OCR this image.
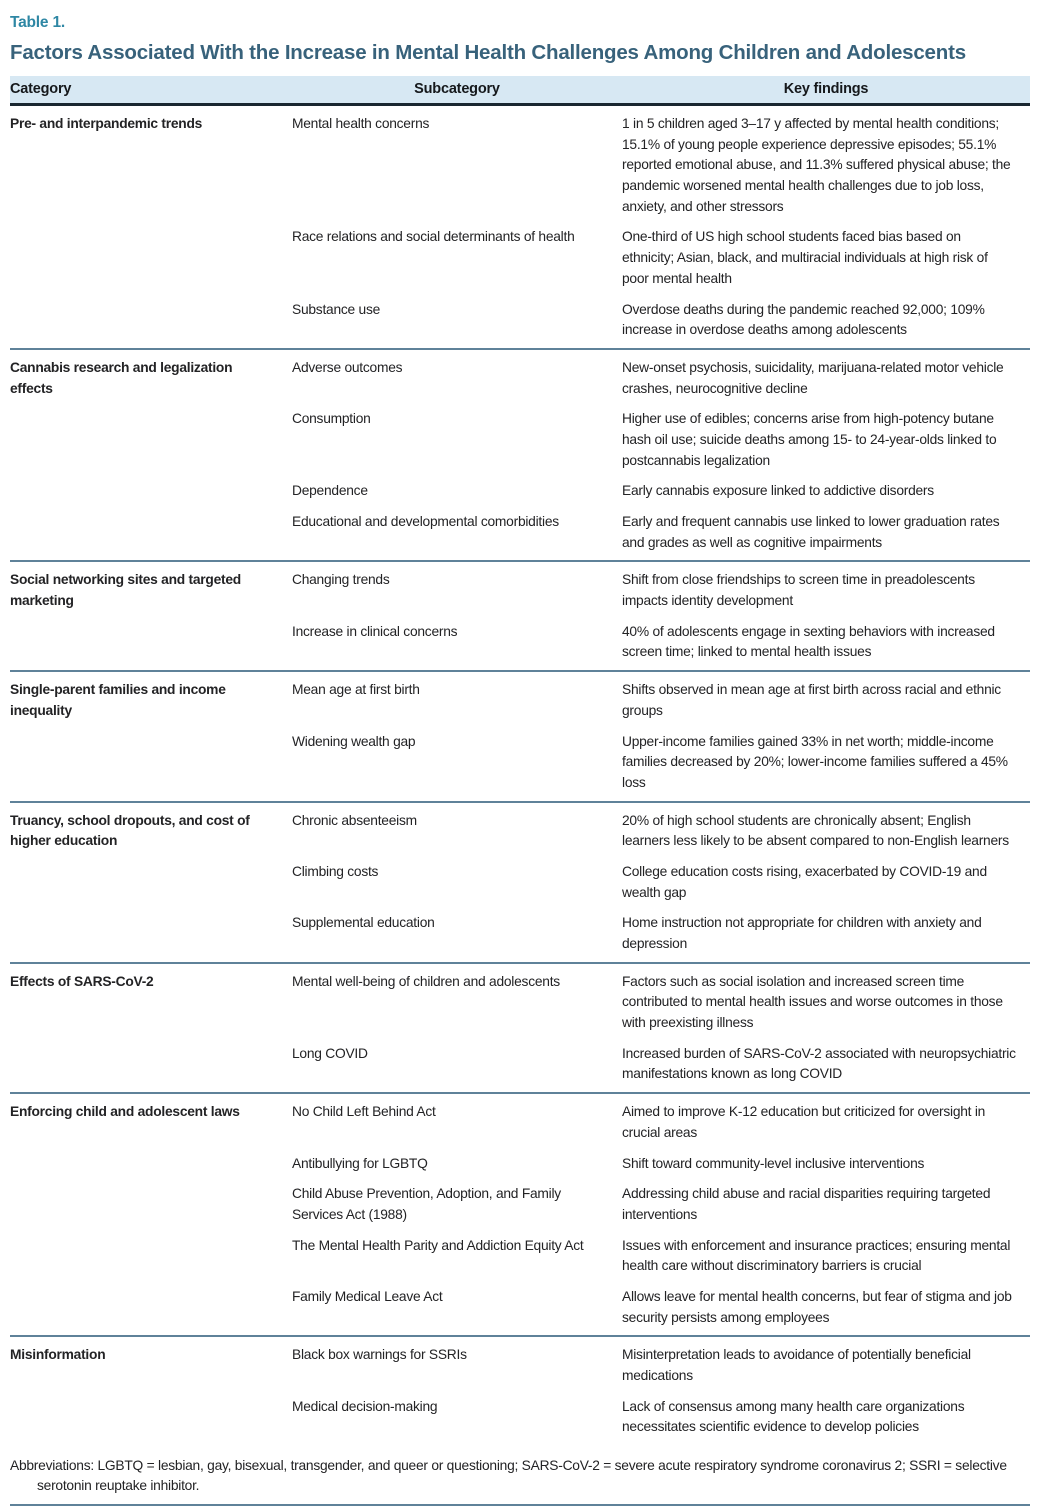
Table 1.
Factors Associated With the Increase in Mental Health Challenges Among Children and Adolescents
Category	Subcategory	Key findings
Pre- and interpandemic trends	Mental health concerns	1 in 5 children aged 3–17 y affected by mental health conditions; 15.1% of young people experience depressive episodes; 55.1% reported emotional abuse, and 11.3% suffered physical abuse; the pandemic worsened mental health challenges due to job loss, anxiety, and other stressors
	Race relations and social determinants of health	One-third of US high school students faced bias based on ethnicity; Asian, black, and multiracial individuals at high risk of poor mental health
	Substance use	Overdose deaths during the pandemic reached 92,000; 109% increase in overdose deaths among adolescents
Cannabis research and legalization effects	Adverse outcomes	New-onset psychosis, suicidality, marijuana-related motor vehicle crashes, neurocognitive decline
	Consumption	Higher use of edibles; concerns arise from high-potency butane hash oil use; suicide deaths among 15- to 24-year-olds linked to postcannabis legalization
	Dependence	Early cannabis exposure linked to addictive disorders
	Educational and developmental comorbidities	Early and frequent cannabis use linked to lower graduation rates and grades as well as cognitive impairments
Social networking sites and targeted marketing	Changing trends	Shift from close friendships to screen time in preadolescents impacts identity development
	Increase in clinical concerns	40% of adolescents engage in sexting behaviors with increased screen time; linked to mental health issues
Single-parent families and income inequality	Mean age at first birth	Shifts observed in mean age at first birth across racial and ethnic groups
	Widening wealth gap	Upper-income families gained 33% in net worth; middle-income families decreased by 20%; lower-income families suffered a 45% loss
Truancy, school dropouts, and cost of higher education	Chronic absenteeism	20% of high school students are chronically absent; English learners less likely to be absent compared to non-English learners
	Climbing costs	College education costs rising, exacerbated by COVID-19 and wealth gap
	Supplemental education	Home instruction not appropriate for children with anxiety and depression
Effects of SARS-CoV-2	Mental well-being of children and adolescents	Factors such as social isolation and increased screen time contributed to mental health issues and worse outcomes in those with preexisting illness
	Long COVID	Increased burden of SARS-CoV-2 associated with neuropsychiatric manifestations known as long COVID
Enforcing child and adolescent laws	No Child Left Behind Act	Aimed to improve K-12 education but criticized for oversight in crucial areas
	Antibullying for LGBTQ	Shift toward community-level inclusive interventions
	Child Abuse Prevention, Adoption, and Family Services Act (1988)	Addressing child abuse and racial disparities requiring targeted interventions
	The Mental Health Parity and Addiction Equity Act	Issues with enforcement and insurance practices; ensuring mental health care without discriminatory barriers is crucial
	Family Medical Leave Act	Allows leave for mental health concerns, but fear of stigma and job security persists among employees
Misinformation	Black box warnings for SSRIs	Misinterpretation leads to avoidance of potentially beneficial medications
	Medical decision-making	Lack of consensus among many health care organizations necessitates scientific evidence to develop policies

Abbreviations: LGBTQ = lesbian, gay, bisexual, transgender, and queer or questioning; SARS-CoV-2 = severe acute respiratory syndrome coronavirus 2; SSRI = selective serotonin reuptake inhibitor.
